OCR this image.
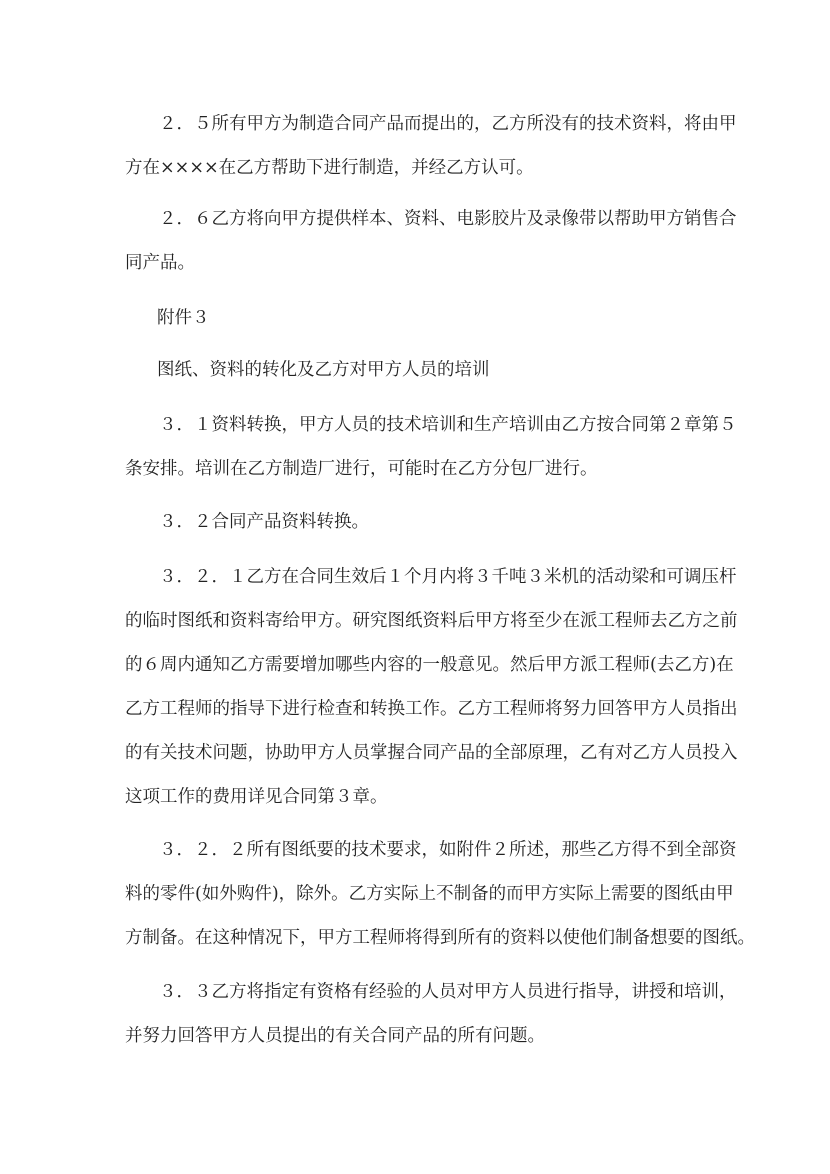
２．５所有甲方为制造合同产品而提出的，乙方所没有的技术资料，将由甲
方在××××在乙方帮助下进行制造，并经乙方认可。
２．６乙方将向甲方提供样本、资料、电影胶片及录像带以帮助甲方销售合
同产品。
附件３
图纸、资料的转化及乙方对甲方人员的培训
３．１资料转换，甲方人员的技术培训和生产培训由乙方按合同第２章第５
条安排。培训在乙方制造厂进行，可能时在乙方分包厂进行。
３．２合同产品资料转换。
３．２．１乙方在合同生效后１个月内将３千吨３米机的活动梁和可调压杆
的临时图纸和资料寄给甲方。研究图纸资料后甲方将至少在派工程师去乙方之前
的６周内通知乙方需要增加哪些内容的一般意见。然后甲方派工程师(去乙方)在
乙方工程师的指导下进行检查和转换工作。乙方工程师将努力回答甲方人员指出
的有关技术问题，协助甲方人员掌握合同产品的全部原理，乙有对乙方人员投入
这项工作的费用详见合同第３章。
３．２．２所有图纸要的技术要求，如附件２所述，那些乙方得不到全部资
料的零件(如外购件)，除外。乙方实际上不制备的而甲方实际上需要的图纸由甲
方制备。在这种情况下，甲方工程师将得到所有的资料以使他们制备想要的图纸。
３．３乙方将指定有资格有经验的人员对甲方人员进行指导，讲授和培训，
并努力回答甲方人员提出的有关合同产品的所有问题。
